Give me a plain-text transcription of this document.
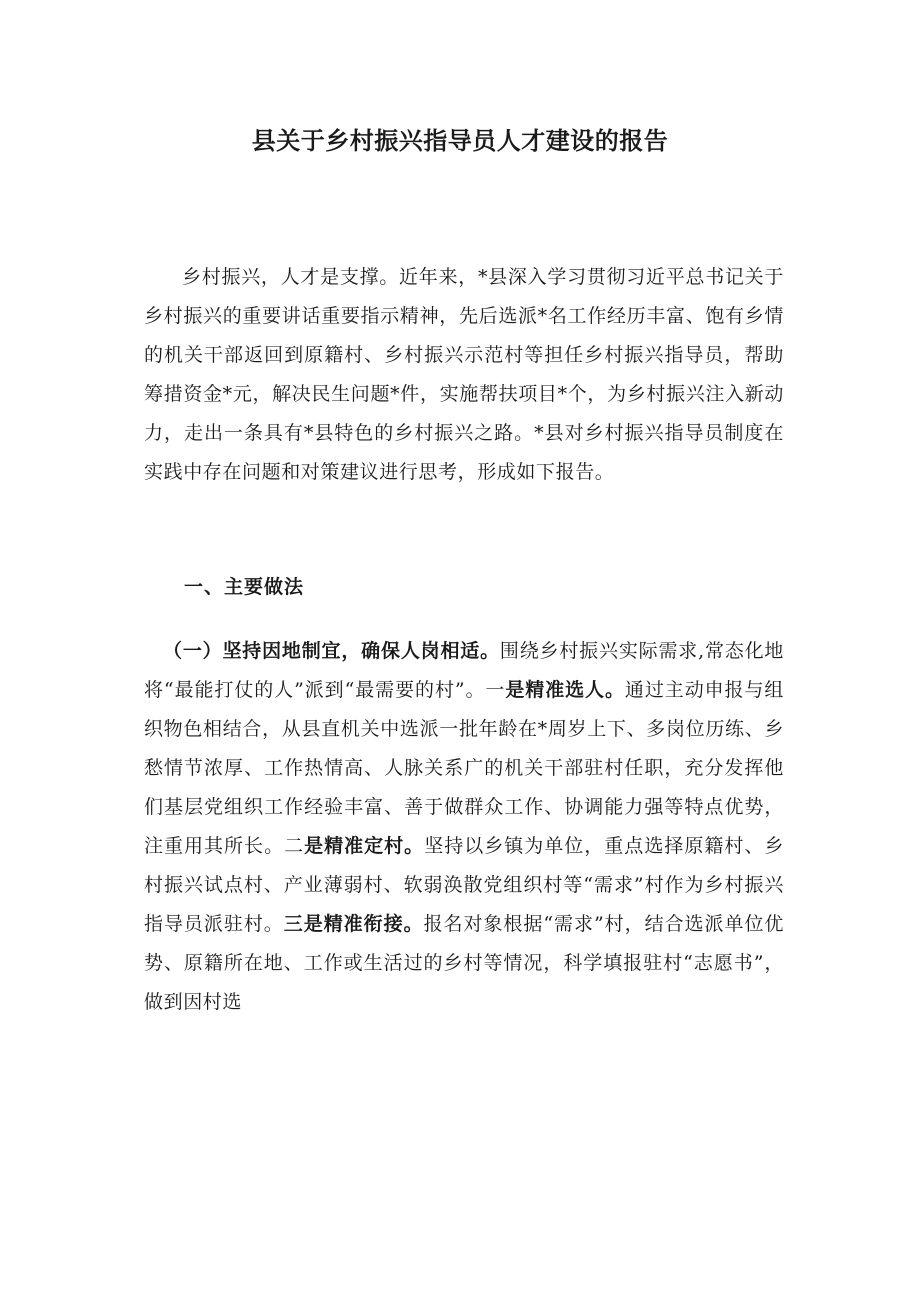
县关于乡村振兴指导员人才建设的报告

乡村振兴，人才是支撑。近年来，*县深入学习贯彻习近平总书记关于乡村振兴的重要讲话重要指示精神，先后选派*名工作经历丰富、饱有乡情的机关干部返回到原籍村、乡村振兴示范村等担任乡村振兴指导员，帮助筹措资金*元，解决民生问题*件，实施帮扶项目*个，为乡村振兴注入新动力，走出一条具有*县特色的乡村振兴之路。*县对乡村振兴指导员制度在实践中存在问题和对策建议进行思考，形成如下报告。

一、主要做法

（一）坚持因地制宜，确保人岗相适。围绕乡村振兴实际需求,常态化地将“最能打仗的人”派到“最需要的村”。一是精准选人。通过主动申报与组织物色相结合，从县直机关中选派一批年龄在*周岁上下、多岗位历练、乡愁情节浓厚、工作热情高、人脉关系广的机关干部驻村任职，充分发挥他们基层党组织工作经验丰富、善于做群众工作、协调能力强等特点优势，注重用其所长。二是精准定村。坚持以乡镇为单位，重点选择原籍村、乡村振兴试点村、产业薄弱村、软弱涣散党组织村等“需求”村作为乡村振兴指导员派驻村。三是精准衔接。报名对象根据“需求”村，结合选派单位优势、原籍所在地、工作或生活过的乡村等情况，科学填报驻村“志愿书”，做到因村选
